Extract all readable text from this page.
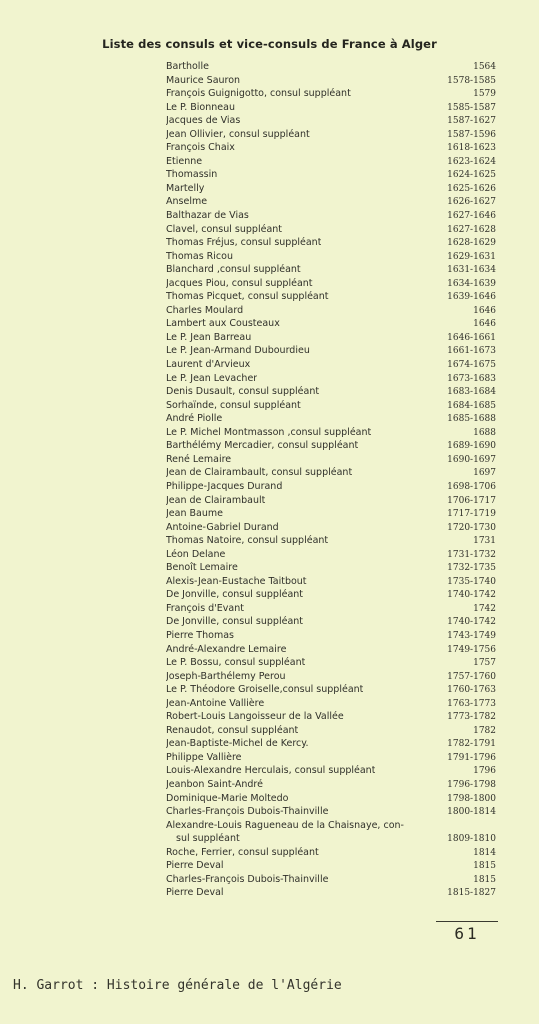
Liste des consuls et vice-consuls de France à Alger
Bartholle	1564
Maurice Sauron	1578-1585
François Guignigotto, consul suppléant	1579
Le P. Bionneau	1585-1587
Jacques de Vias	1587-1627
Jean Ollivier, consul suppléant	1587-1596
François Chaix	1618-1623
Etienne	1623-1624
Thomassin	1624-1625
Martelly	1625-1626
Anselme	1626-1627
Balthazar de Vias	1627-1646
Clavel, consul suppléant	1627-1628
Thomas Fréjus, consul suppléant	1628-1629
Thomas Ricou	1629-1631
Blanchard ,consul suppléant	1631-1634
Jacques Piou, consul suppléant	1634-1639
Thomas Picquet, consul suppléant	1639-1646
Charles Moulard	1646
Lambert aux Cousteaux	1646
Le P. Jean Barreau	1646-1661
Le P. Jean-Armand Dubourdieu	1661-1673
Laurent d'Arvieux	1674-1675
Le P. Jean Levacher	1673-1683
Denis Dusault, consul suppléant	1683-1684
Sorhaïnde, consul suppléant	1684-1685
André Piolle	1685-1688
Le P. Michel Montmasson ,consul suppléant	1688
Barthélémy Mercadier, consul suppléant	1689-1690
René Lemaire	1690-1697
Jean de Clairambault, consul suppléant	1697
Philippe-Jacques Durand	1698-1706
Jean de Clairambault	1706-1717
Jean Baume	1717-1719
Antoine-Gabriel Durand	1720-1730
Thomas Natoire, consul suppléant	1731
Léon Delane	1731-1732
Benoît Lemaire	1732-1735
Alexis-Jean-Eustache Taitbout	1735-1740
De Jonville, consul suppléant	1740-1742
François d'Evant	1742
De Jonville, consul suppléant	1740-1742
Pierre Thomas	1743-1749
André-Alexandre Lemaire	1749-1756
Le P. Bossu, consul suppléant	1757
Joseph-Barthélemy Perou	1757-1760
Le P. Théodore Groiselle,consul suppléant	1760-1763
Jean-Antoine Vallière	1763-1773
Robert-Louis Langoisseur de la Vallée	1773-1782
Renaudot, consul suppléant	1782
Jean-Baptiste-Michel de Kercy.	1782-1791
Philippe Vallière	1791-1796
Louis-Alexandre Herculais, consul suppléant	1796
Jeanbon Saint-André	1796-1798
Dominique-Marie Moltedo	1798-1800
Charles-François Dubois-Thainville	1800-1814
Alexandre-Louis Ragueneau de la Chaisnaye, con-
sul suppléant	1809-1810
Roche, Ferrier, consul suppléant	1814
Pierre Deval	1815
Charles-François Dubois-Thainville	1815
Pierre Deval	1815-1827
61
H. Garrot : Histoire générale de l'Algérie
